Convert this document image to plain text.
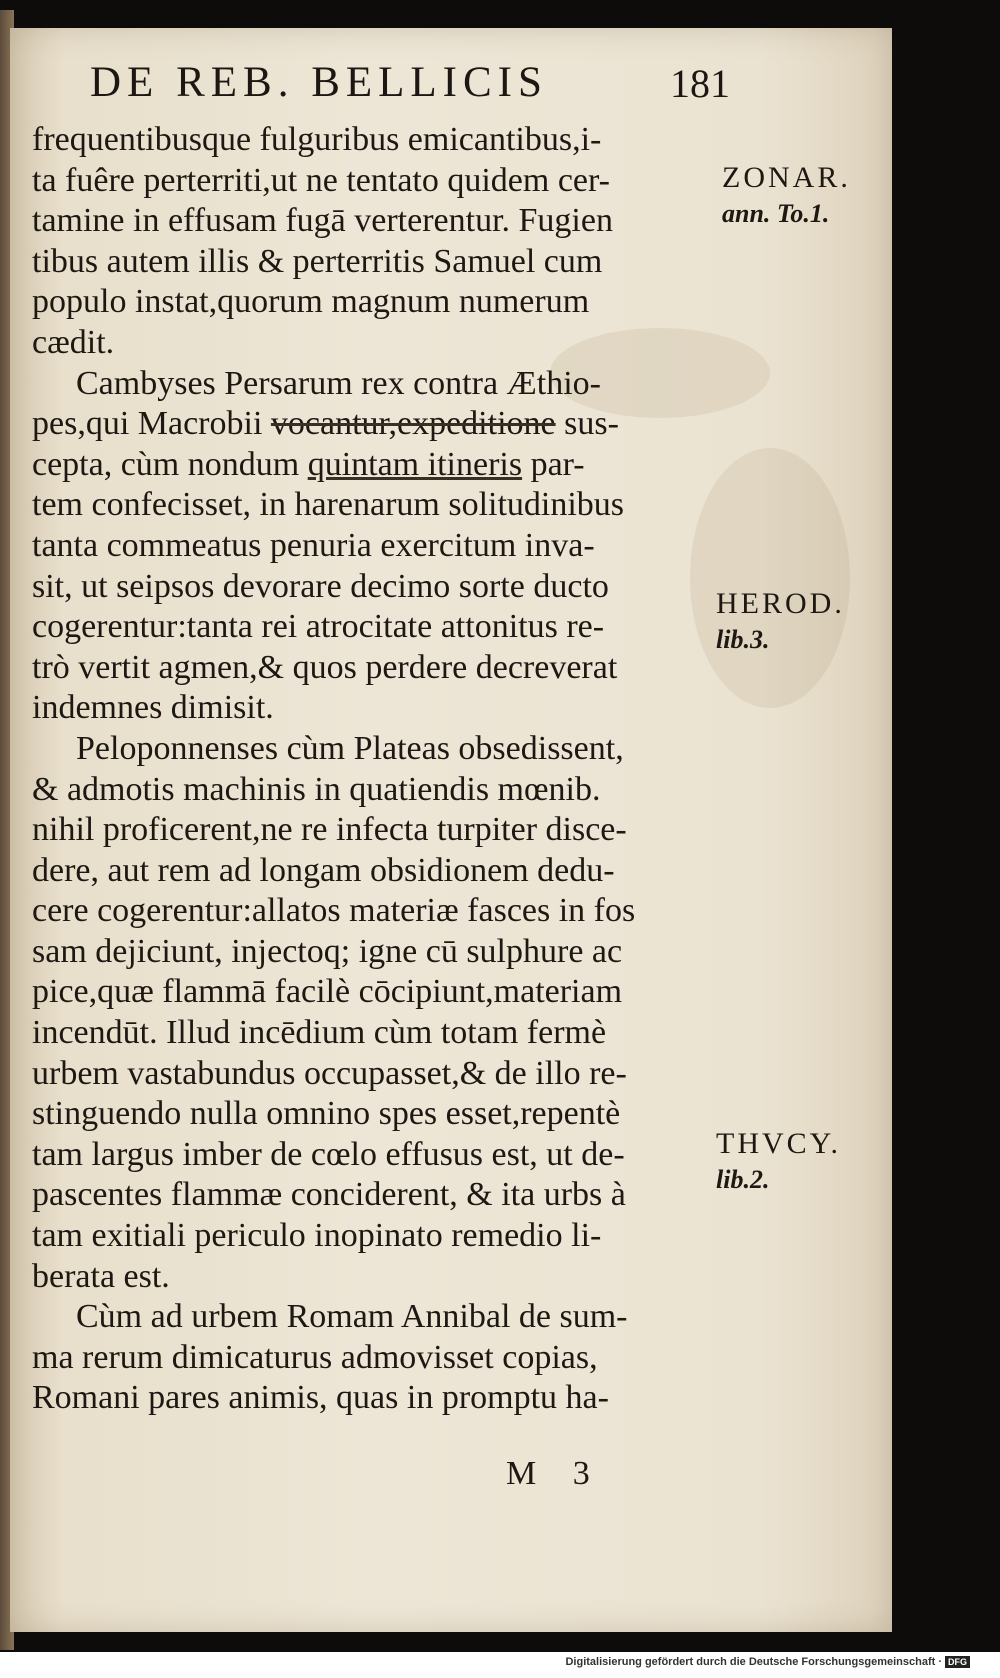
DE REB. BELLICIS	181
frequentibusque fulguribus emicantibus,i-
ta fuêre perterriti,ut ne tentato quidem cer-
tamine in effusam fugā verterentur. Fugien
tibus autem illis & perterritis Samuel cum
populo instat,quorum magnum numerum
cædit.
Cambyses Persarum rex contra Æthio-
pes,qui Macrobii vocantur,expeditione sus-
cepta, cùm nondum quintam itineris par-
tem confecisset, in harenarum solitudinibus
tanta commeatus penuria exercitum inva-
sit, ut seipsos devorare decimo sorte ducto
cogerentur:tanta rei atrocitate attonitus re-
trò vertit agmen,& quos perdere decreverat
indemnes dimisit.
Peloponnenses cùm Plateas obsedissent,
& admotis machinis in quatiendis mœnib.
nihil proficerent,ne re infecta turpiter disce-
dere, aut rem ad longam obsidionem dedu-
cere cogerentur:allatos materiæ fasces in fos
sam dejiciunt, injectoq; igne cū sulphure ac
pice,quæ flammā facilè cōcipiunt,materiam
incendūt. Illud incēdium cùm totam fermè
urbem vastabundus occupasset,& de illo re-
stinguendo nulla omnino spes esset,repentè
tam largus imber de cœlo effusus est, ut de-
pascentes flammæ conciderent, & ita urbs à
tam exitiali periculo inopinato remedio li-
berata est.
Cùm ad urbem Romam Annibal de sum-
ma rerum dimicaturus admovisset copias,
Romani pares animis, quas in promptu ha-
ZONAR.
ann. To.1.
HEROD.
lib.3.
THVCY.
lib.2.
M 3
Digitalisierung gefördert durch die Deutsche Forschungsgemeinschaft · DFG
